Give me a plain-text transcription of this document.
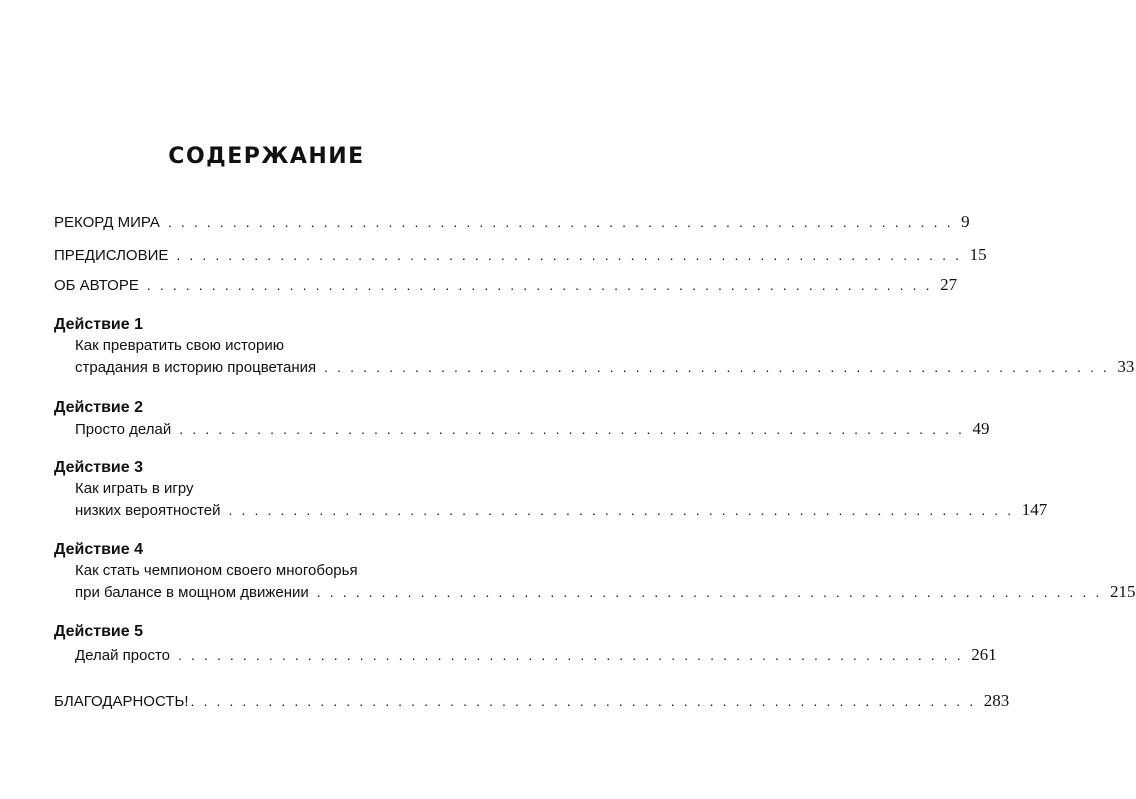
СОДЕРЖАНИЕ
РЕКОРД МИРА . . . . . . . . . . . . . . . . . . . . . . . . . . . . . . . . . . . . . . . . . . . . . . . . . . . . . . . . . . . . . 9
ПРЕДИСЛОВИЕ . . . . . . . . . . . . . . . . . . . . . . . . . . . . . . . . . . . . . . . . . . . . . . . . . . . . . . . . . . . . . 15
ОБ АВТОРЕ . . . . . . . . . . . . . . . . . . . . . . . . . . . . . . . . . . . . . . . . . . . . . . . . . . . . . . . . . . . . . 27
Действие 1
Как превратить свою историю
страдания в историю процветания . . . . . . . . . . . . . . . . . . . . . . . . . . . . . . . . . . . . . . . . . . . . . . . . . . . . . . . . . . . . . 33
Действие 2
Просто делай . . . . . . . . . . . . . . . . . . . . . . . . . . . . . . . . . . . . . . . . . . . . . . . . . . . . . . . . . . . . . 49
Действие 3
Как играть в игру
низких вероятностей . . . . . . . . . . . . . . . . . . . . . . . . . . . . . . . . . . . . . . . . . . . . . . . . . . . . . . . . . . . . . 147
Действие 4
Как стать чемпионом своего многоборья
при балансе в мощном движении . . . . . . . . . . . . . . . . . . . . . . . . . . . . . . . . . . . . . . . . . . . . . . . . . . . . . . . . . . . . . 215
Действие 5
Делай просто . . . . . . . . . . . . . . . . . . . . . . . . . . . . . . . . . . . . . . . . . . . . . . . . . . . . . . . . . . . . . 261
БЛАГОДАРНОСТЬ! . . . . . . . . . . . . . . . . . . . . . . . . . . . . . . . . . . . . . . . . . . . . . . . . . . . . . . . . . . . . . 283
